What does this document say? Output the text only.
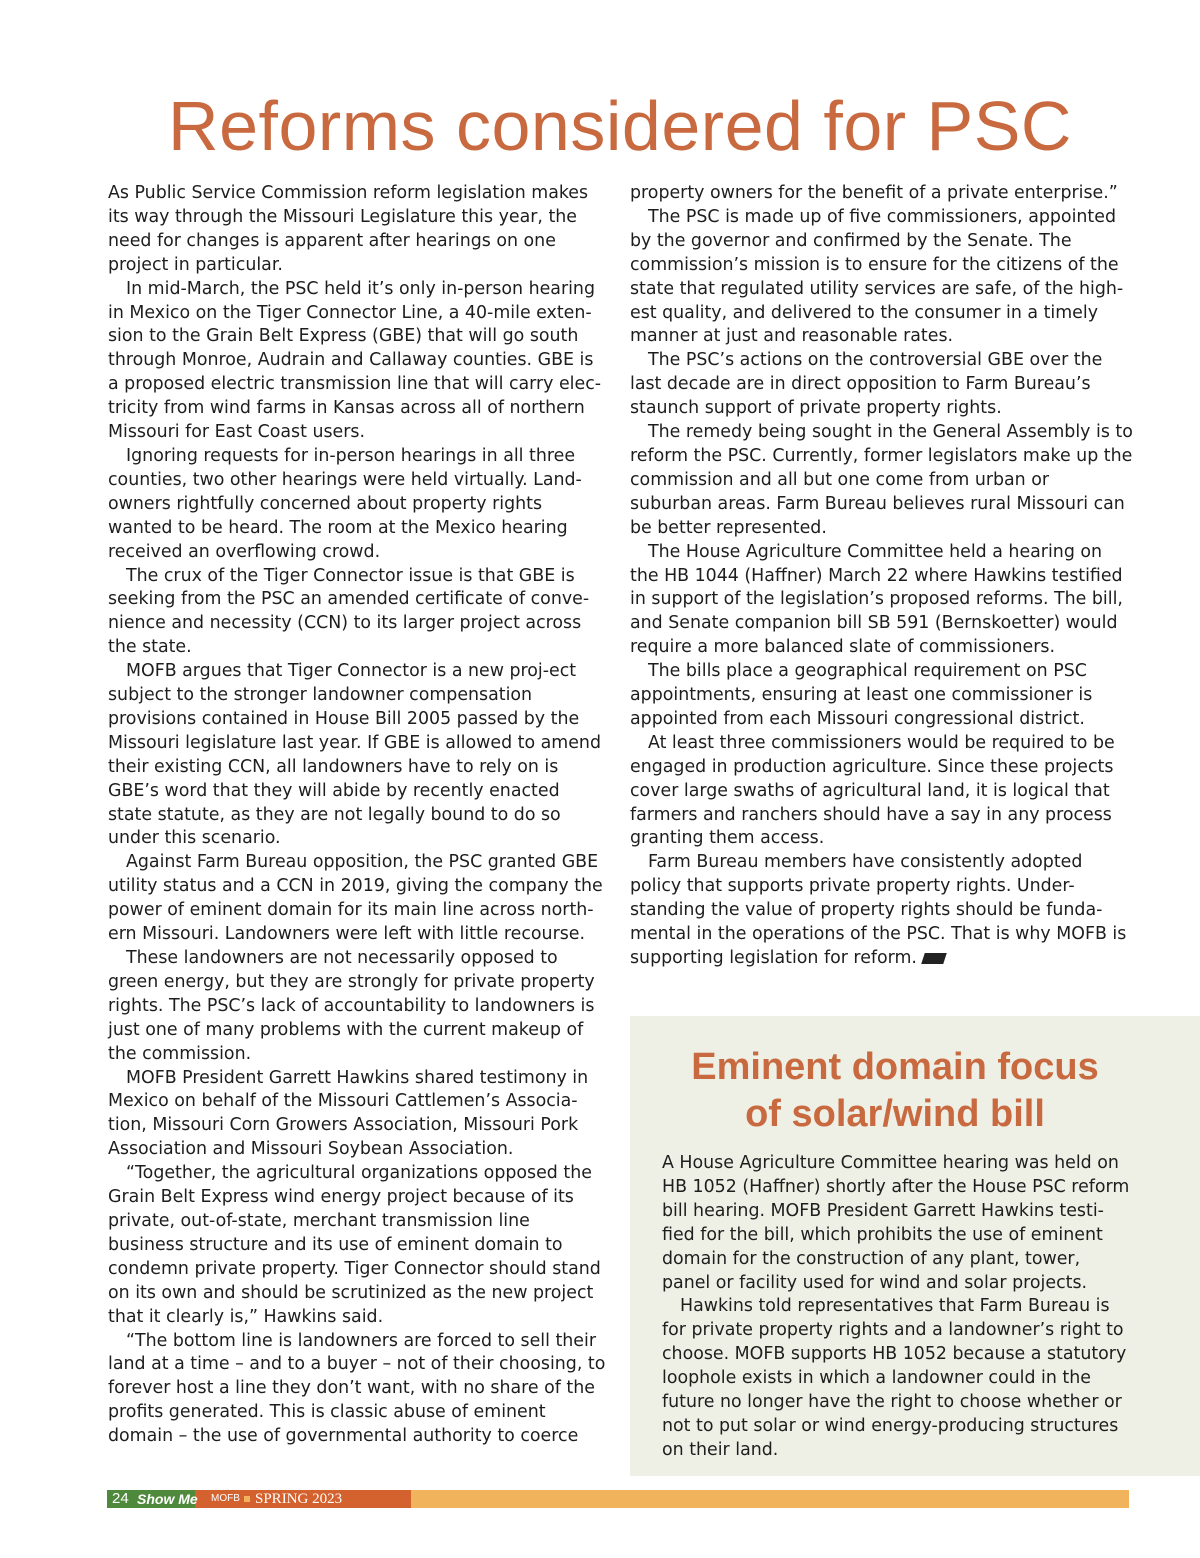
Reforms considered for PSC

As Public Service Commission reform legislation makes its way through the Missouri Legislature this year, the need for changes is apparent after hearings on one project in particular.

In mid-March, the PSC held it’s only in-person hearing in Mexico on the Tiger Connector Line, a 40-mile exten-sion to the Grain Belt Express (GBE) that will go south through Monroe, Audrain and Callaway counties. GBE is a proposed electric transmission line that will carry elec-tricity from wind farms in Kansas across all of northern Missouri for East Coast users.

Ignoring requests for in-person hearings in all three counties, two other hearings were held virtually. Land-owners rightfully concerned about property rights wanted to be heard. The room at the Mexico hearing received an overflowing crowd.

The crux of the Tiger Connector issue is that GBE is seeking from the PSC an amended certificate of conve-nience and necessity (CCN) to its larger project across the state.

MOFB argues that Tiger Connector is a new proj-ect subject to the stronger landowner compensation provisions contained in House Bill 2005 passed by the Missouri legislature last year. If GBE is allowed to amend their existing CCN, all landowners have to rely on is GBE’s word that they will abide by recently enacted state statute, as they are not legally bound to do so under this scenario.

Against Farm Bureau opposition, the PSC granted GBE utility status and a CCN in 2019, giving the company the power of eminent domain for its main line across north-ern Missouri. Landowners were left with little recourse.

These landowners are not necessarily opposed to green energy, but they are strongly for private property rights. The PSC’s lack of accountability to landowners is just one of many problems with the current makeup of the commission.

MOFB President Garrett Hawkins shared testimony in Mexico on behalf of the Missouri Cattlemen’s Associa-tion, Missouri Corn Growers Association, Missouri Pork Association and Missouri Soybean Association.

“Together, the agricultural organizations opposed the Grain Belt Express wind energy project because of its private, out-of-state, merchant transmission line business structure and its use of eminent domain to condemn private property. Tiger Connector should stand on its own and should be scrutinized as the new project that it clearly is,” Hawkins said.

“The bottom line is landowners are forced to sell their land at a time – and to a buyer – not of their choosing, to forever host a line they don’t want, with no share of the profits generated. This is classic abuse of eminent domain – the use of governmental authority to coerce

property owners for the benefit of a private enterprise.”

The PSC is made up of five commissioners, appointed by the governor and confirmed by the Senate. The commission’s mission is to ensure for the citizens of the state that regulated utility services are safe, of the high-est quality, and delivered to the consumer in a timely manner at just and reasonable rates.

The PSC’s actions on the controversial GBE over the last decade are in direct opposition to Farm Bureau’s staunch support of private property rights.

The remedy being sought in the General Assembly is to reform the PSC. Currently, former legislators make up the commission and all but one come from urban or suburban areas. Farm Bureau believes rural Missouri can be better represented.

The House Agriculture Committee held a hearing on the HB 1044 (Haffner) March 22 where Hawkins testified in support of the legislation’s proposed reforms. The bill, and Senate companion bill SB 591 (Bernskoetter) would require a more balanced slate of commissioners.

The bills place a geographical requirement on PSC appointments, ensuring at least one commissioner is appointed from each Missouri congressional district.

At least three commissioners would be required to be engaged in production agriculture. Since these projects cover large swaths of agricultural land, it is logical that farmers and ranchers should have a say in any process granting them access.

Farm Bureau members have consistently adopted policy that supports private property rights. Under-standing the value of property rights should be funda-mental in the operations of the PSC. That is why MOFB is supporting legislation for reform.

Eminent domain focus
of solar/wind bill

A House Agriculture Committee hearing was held on HB 1052 (Haffner) shortly after the House PSC reform bill hearing. MOFB President Garrett Hawkins testi-fied for the bill, which prohibits the use of eminent domain for the construction of any plant, tower, panel or facility used for wind and solar projects.

Hawkins told representatives that Farm Bureau is for private property rights and a landowner’s right to choose. MOFB supports HB 1052 because a statutory loophole exists in which a landowner could in the future no longer have the right to choose whether or not to put solar or wind energy-producing structures on their land.

24 Show Me MOFB SPRING 2023
